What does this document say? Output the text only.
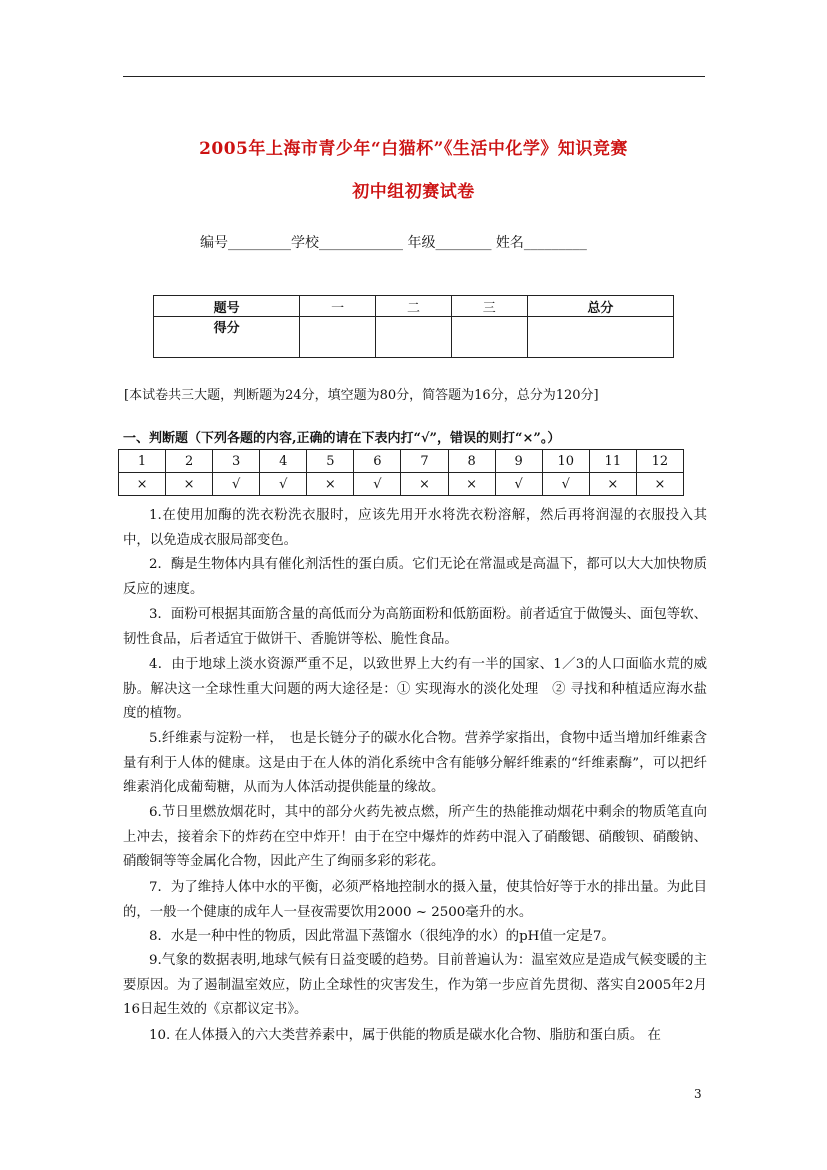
2005年上海市青少年“白猫杯”《生活中化学》知识竞赛
初中组初赛试卷
编号_________学校____________ 年级________ 姓名_________
题号	一	二	三	总分
得分				
[本试卷共三大题，判断题为24分，填空题为80分，简答题为16分，总分为120分]
一、判断题（下列各题的内容,正确的请在下表内打“√”，错误的则打“×”。）
1	2	3	4	5	6	7	8	9	10	11	12
×	×	√	√	×	√	×	×	√	√	×	×
1.在使用加酶的洗衣粉洗衣服时，应该先用开水将洗衣粉溶解，然后再将润湿的衣服投入其中，以免造成衣服局部变色。
2．酶是生物体内具有催化剂活性的蛋白质。它们无论在常温或是高温下，都可以大大加快物质反应的速度。
3．面粉可根据其面筋含量的高低而分为高筋面粉和低筋面粉。前者适宜于做馒头、面包等软、韧性食品，后者适宜于做饼干、香脆饼等松、脆性食品。
4．由于地球上淡水资源严重不足，以致世界上大约有一半的国家、1／3的人口面临水荒的威胁。解决这一全球性重大问题的两大途径是：① 实现海水的淡化处理　② 寻找和种植适应海水盐度的植物。
5.纤维素与淀粉一样，　也是长链分子的碳水化合物。营养学家指出，食物中适当增加纤维素含量有利于人体的健康。这是由于在人体的消化系统中含有能够分解纤维素的“纤维素酶”，可以把纤维素消化成葡萄糖，从而为人体活动提供能量的缘故。
6.节日里燃放烟花时，其中的部分火药先被点燃，所产生的热能推动烟花中剩余的物质笔直向上冲去，接着余下的炸药在空中炸开！由于在空中爆炸的炸药中混入了硝酸锶、硝酸钡、硝酸钠、硝酸铜等等金属化合物，因此产生了绚丽多彩的彩花。
7．为了维持人体中水的平衡，必须严格地控制水的摄入量，使其恰好等于水的排出量。为此目的，一般一个健康的成年人一昼夜需要饮用2000 ~ 2500毫升的水。
8．水是一种中性的物质，因此常温下蒸馏水（很纯净的水）的pH值一定是7。
9.气象的数据表明,地球气候有日益变暖的趋势。目前普遍认为：温室效应是造成气候变暖的主要原因。为了遏制温室效应，防止全球性的灾害发生，作为第一步应首先贯彻、落实自2005年2月16日起生效的《京都议定书》。
10. 在人体摄入的六大类营养素中，属于供能的物质是碳水化合物、脂肪和蛋白质。 在
3
